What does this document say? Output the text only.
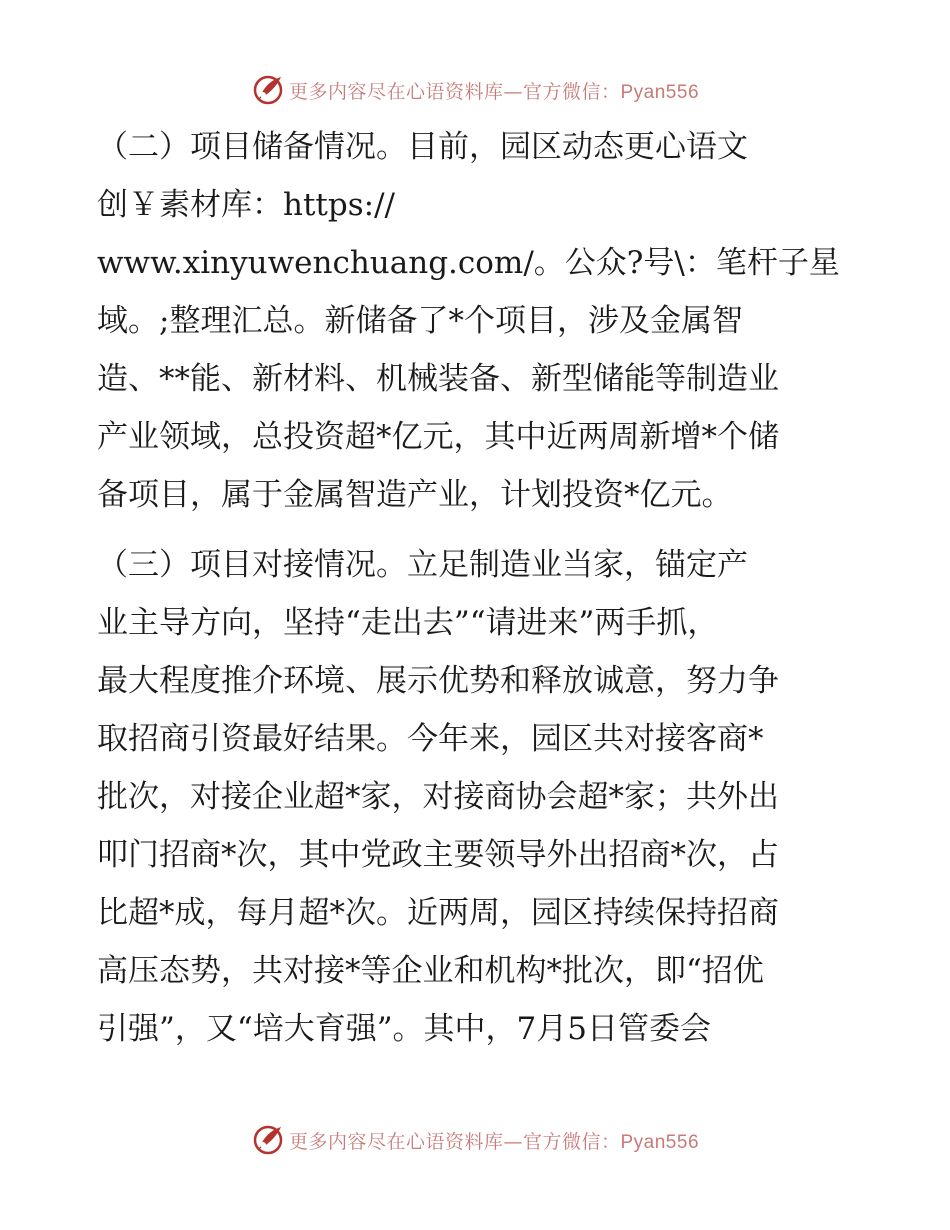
更多内容尽在心语资料库—官方微信：Pyan556
（二）项目储备情况。目前，园区动态更心语文
创￥素材库：https://
www.xinyuwenchuang.com/。公众?号\：笔杆子星
域。;整理汇总。新储备了*个项目，涉及金属智
造、**能、新材料、机械装备、新型储能等制造业
产业领域，总投资超*亿元，其中近两周新增*个储
备项目，属于金属智造产业，计划投资*亿元。
（三）项目对接情况。立足制造业当家，锚定产
业主导方向，坚持“走出去”“请进来”两手抓，
最大程度推介环境、展示优势和释放诚意，努力争
取招商引资最好结果。今年来，园区共对接客商*
批次，对接企业超*家，对接商协会超*家；共外出
叩门招商*次，其中党政主要领导外出招商*次，占
比超*成，每月超*次。近两周，园区持续保持招商
高压态势，共对接*等企业和机构*批次，即“招优
引强”，又“培大育强”。其中，7月5日管委会
更多内容尽在心语资料库—官方微信：Pyan556
